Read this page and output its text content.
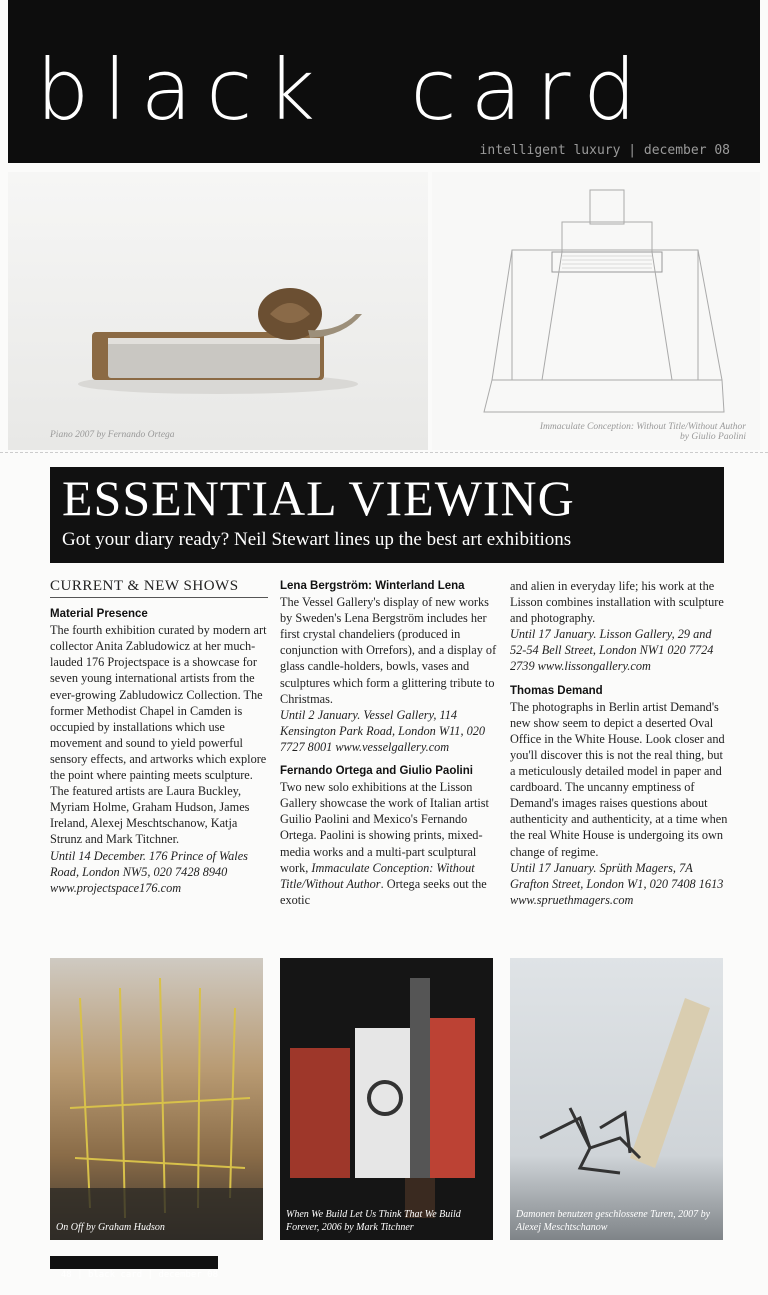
black  card
intelligent luxury | december 08
Piano 2007 by Fernando Ortega
Immaculate Conception: Without Title/Without Author
by Giulio Paolini
ESSENTIAL VIEWING
Got your diary ready? Neil Stewart lines up the best art exhibitions

CURRENT & NEW SHOWS

Material Presence

The fourth exhibition curated by modern art collector Anita Zabludowicz at her much-lauded 176 Projectspace is a showcase for seven young international artists from the ever-growing Zabludowicz Collection. The former Methodist Chapel in Camden is occupied by installations which use movement and sound to yield powerful sensory effects, and artworks which explore the point where painting meets sculpture. The featured artists are Laura Buckley, Myriam Holme, Graham Hudson, James Ireland, Alexej Meschtschanow, Katja Strunz and Mark Titchner.

Until 14 December. 176 Prince of Wales Road, London NW5, 020 7428 8940 www.projectspace176.com

Lena Bergström: Winterland Lena

The Vessel Gallery's display of new works by Sweden's Lena Bergström includes her first crystal chandeliers (produced in conjunction with Orrefors), and a display of glass candle-holders, bowls, vases and sculptures which form a glittering tribute to Christmas.

Until 2 January. Vessel Gallery, 114 Kensington Park Road, London W11, 020 7727 8001 www.vesselgallery.com

Fernando Ortega and Giulio Paolini

Two new solo exhibitions at the Lisson Gallery showcase the work of Italian artist Guilio Paolini and Mexico's Fernando Ortega. Paolini is showing prints, mixed-media works and a multi-part sculptural work, Immaculate Conception: Without Title/Without Author. Ortega seeks out the exotic

and alien in everyday life; his work at the Lisson combines installation with sculpture and photography.

Until 17 January. Lisson Gallery, 29 and 52-54 Bell Street, London NW1 020 7724 2739 www.lissongallery.com

Thomas Demand

The photographs in Berlin artist Demand's new show seem to depict a deserted Oval Office in the White House. Look closer and you'll discover this is not the real thing, but a meticulously detailed model in paper and cardboard. The uncanny emptiness of Demand's images raises questions about authenticity and authenticity, at a time when the real White House is undergoing its own change of regime.

Until 17 January. Sprüth Magers, 7A Grafton Street, London W1, 020 7408 1613 www.spruethmagers.com

On Off by Graham Hudson
When We Build Let Us Think That We Build Forever, 2006 by Mark Titchner
Damonen benutzen geschlossene Turen, 2007 by Alexej Meschtschanow

48 | black card | december 08
